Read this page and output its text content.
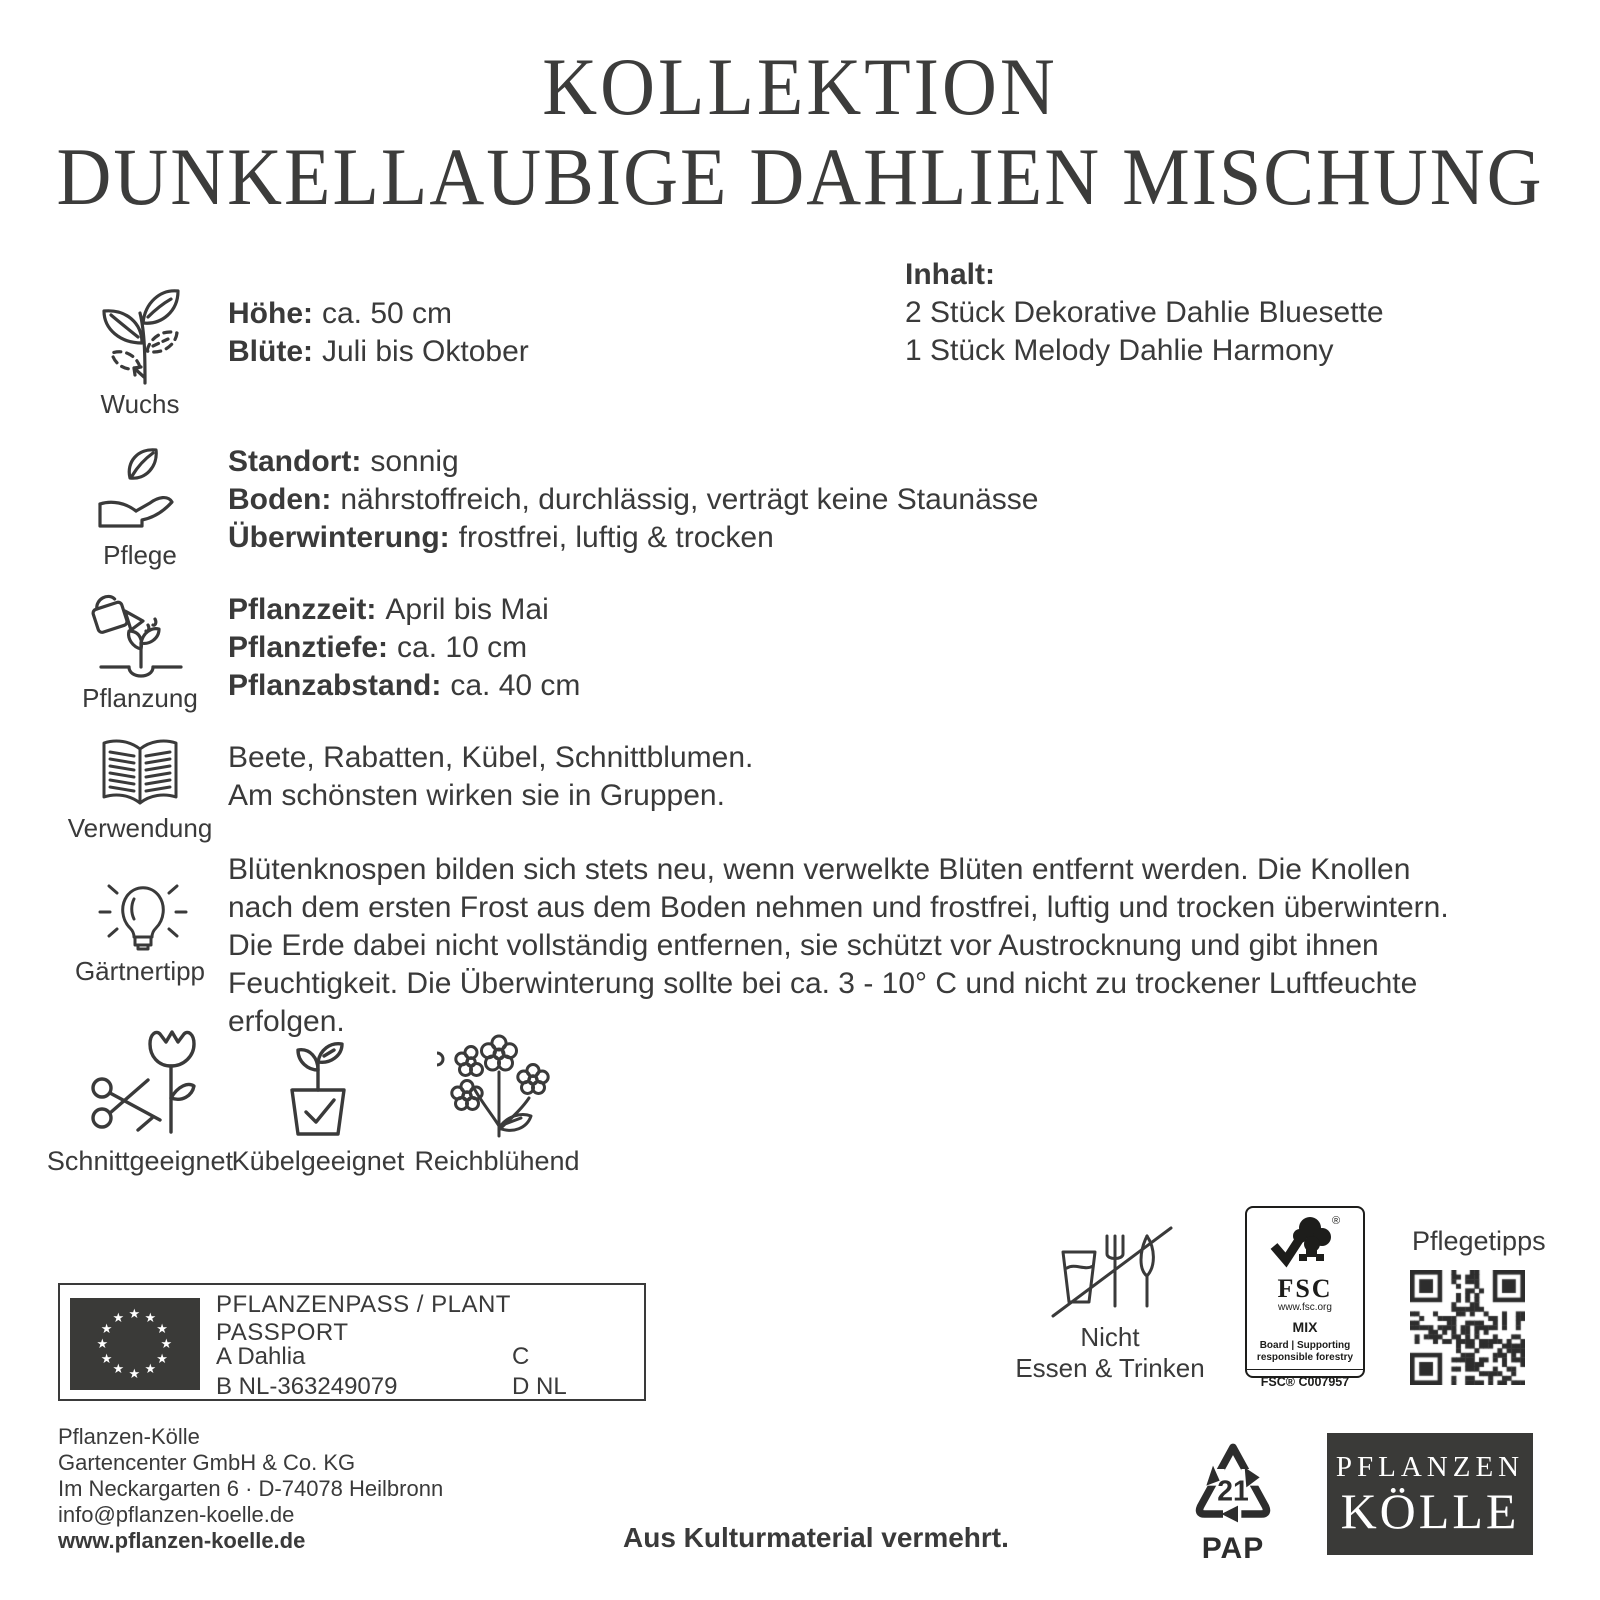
KOLLEKTION
DUNKELLAUBIGE DAHLIEN MISCHUNG
Wuchs
Pflege
Pflanzung
Verwendung
Gärtnertipp
Höhe: ca. 50 cm
Blüte: Juli bis Oktober
Inhalt:
2 Stück Dekorative Dahlie Bluesette
1 Stück Melody Dahlie Harmony
Standort: sonnig
Boden: nährstoffreich, durchlässig, verträgt keine Staunässe
Überwinterung: frostfrei, luftig & trocken
Pflanzzeit: April bis Mai
Pflanztiefe: ca. 10 cm
Pflanzabstand: ca. 40 cm
Beete, Rabatten, Kübel, Schnittblumen.
Am schönsten wirken sie in Gruppen.
Blütenknospen bilden sich stets neu, wenn verwelkte Blüten entfernt werden. Die Knollen nach dem ersten Frost aus dem Boden nehmen und frostfrei, luftig und trocken überwintern. Die Erde dabei nicht vollständig entfernen, sie schützt vor Austrocknung und gibt ihnen Feuchtigkeit. Die Überwinterung sollte bei ca. 3 - 10° C und nicht zu trockener Luftfeuchte erfolgen.
Schnittgeeignet
Kübelgeeignet Reichblühend
★ ★
★
★
★
★
★
★
★
★
★
★	PFLANZENPASS / PLANT PASSPORT
A Dahlia
B NL-363249079
C
D NL
Nicht
Essen & Trinken
®
FSC
www.fsc.org
MIX
Board | Supporting
responsible forestry
FSC® C007957
Pflegetipps
Pflanzen-Kölle
Gartencenter GmbH & Co. KG
Im Neckargarten 6 · D-74078 Heilbronn
info@pflanzen-koelle.de
www.pflanzen-koelle.de	Aus Kulturmaterial vermehrt.
21
PAP
PFLANZEN
KÖLLE
